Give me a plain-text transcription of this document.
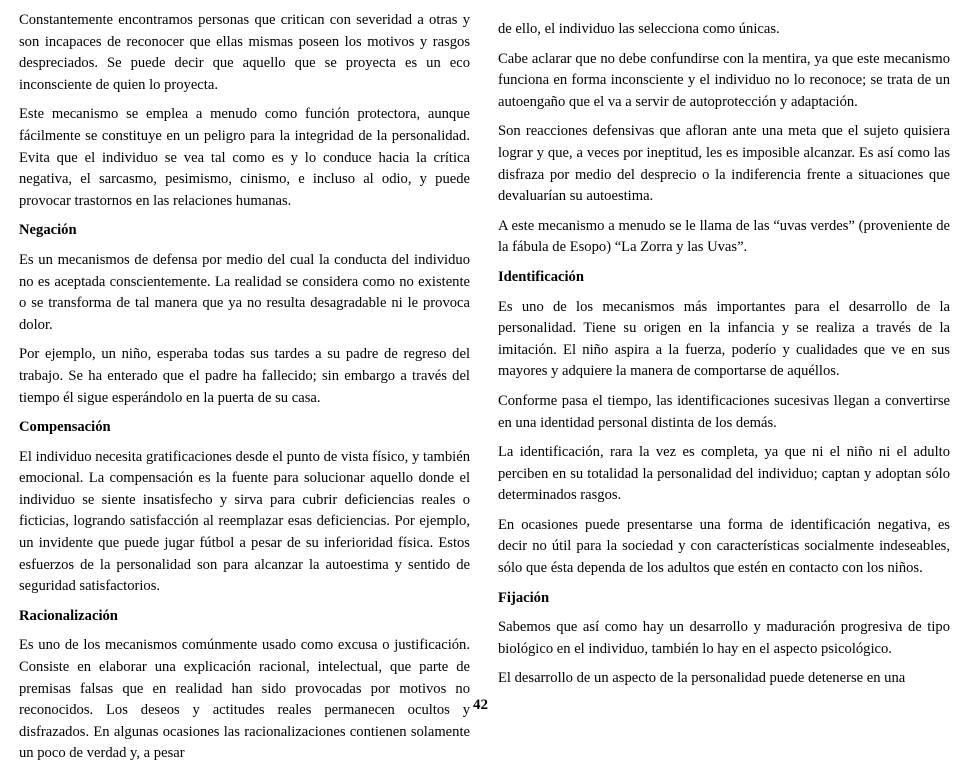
Constantemente encontramos personas que critican con severidad a otras y son incapaces de reconocer que ellas mismas poseen los motivos y rasgos despreciados. Se puede decir que aquello que se proyecta es un eco inconsciente de quien lo proyecta.

Este mecanismo se emplea a menudo como función protectora, aunque fácilmente se constituye en un peligro para la integridad de la personalidad. Evita que el individuo se vea tal como es y lo conduce hacia la crítica negativa, el sarcasmo, pesimismo, cinismo, e incluso al odio, y puede provocar trastornos en las relaciones humanas.

Negación

Es un mecanismos de defensa por medio del cual la conducta del individuo no es aceptada conscientemente. La realidad se considera como no existente o se transforma de tal manera que ya no resulta desagradable ni le provoca dolor.

Por ejemplo, un niño, esperaba todas sus tardes a su padre de regreso del trabajo. Se ha enterado que el padre ha fallecido; sin embargo a través del tiempo él sigue esperándolo en la puerta de su casa.

Compensación

El individuo necesita gratificaciones desde el punto de vista físico, y también emocional. La compensación es la fuente para solucionar aquello donde el individuo se siente insatisfecho y sirva para cubrir deficiencias reales o ficticias, logrando satisfacción al reemplazar esas deficiencias. Por ejemplo, un invidente que puede jugar fútbol a pesar de su inferioridad física. Estos esfuerzos de la personalidad son para alcanzar la autoestima y sentido de seguridad satisfactorios.

Racionalización

Es uno de los mecanismos comúnmente usado como excusa o justificación. Consiste en elaborar una explicación racional, intelectual, que parte de premisas falsas que en realidad han sido provocadas por motivos no reconocidos. Los deseos y actitudes reales permanecen ocultos y disfrazados. En algunas ocasiones las racionalizaciones contienen solamente un poco de verdad y, a pesar

de ello, el individuo las selecciona como únicas.

Cabe aclarar que no debe confundirse con la mentira, ya que este mecanismo funciona en forma inconsciente y el individuo no lo reconoce; se trata de un autoengaño que el va a servir de autoprotección y adaptación.

Son reacciones defensivas que afloran ante una meta que el sujeto quisiera lograr y que, a veces por ineptitud, les es imposible alcanzar. Es así como las disfraza por medio del desprecio o la indiferencia frente a situaciones que devaluarían su autoestima.

A este mecanismo a menudo se le llama de las “uvas verdes” (proveniente de la fábula de Esopo) “La Zorra y las Uvas”.

Identificación

Es uno de los mecanismos más importantes para el desarrollo de la personalidad. Tiene su origen en la infancia y se realiza a través de la imitación. El niño aspira a la fuerza, poderío y cualidades que ve en sus mayores y adquiere la manera de comportarse de aquéllos.

Conforme pasa el tiempo, las identificaciones sucesivas llegan a convertirse en una identidad personal distinta de los demás.

La identificación, rara la vez es completa, ya que ni el niño ni el adulto perciben en su totalidad la personalidad del individuo; captan y adoptan sólo determinados rasgos.

En ocasiones puede presentarse una forma de identificación negativa, es decir no útil para la sociedad y con características socialmente indeseables, sólo que ésta dependa de los adultos que estén en contacto con los niños.

Fijación

Sabemos que así como hay un desarrollo y maduración progresiva de tipo biológico en el individuo, también lo hay en el aspecto psicológico.

El desarrollo de un aspecto de la personalidad puede detenerse en una

42
